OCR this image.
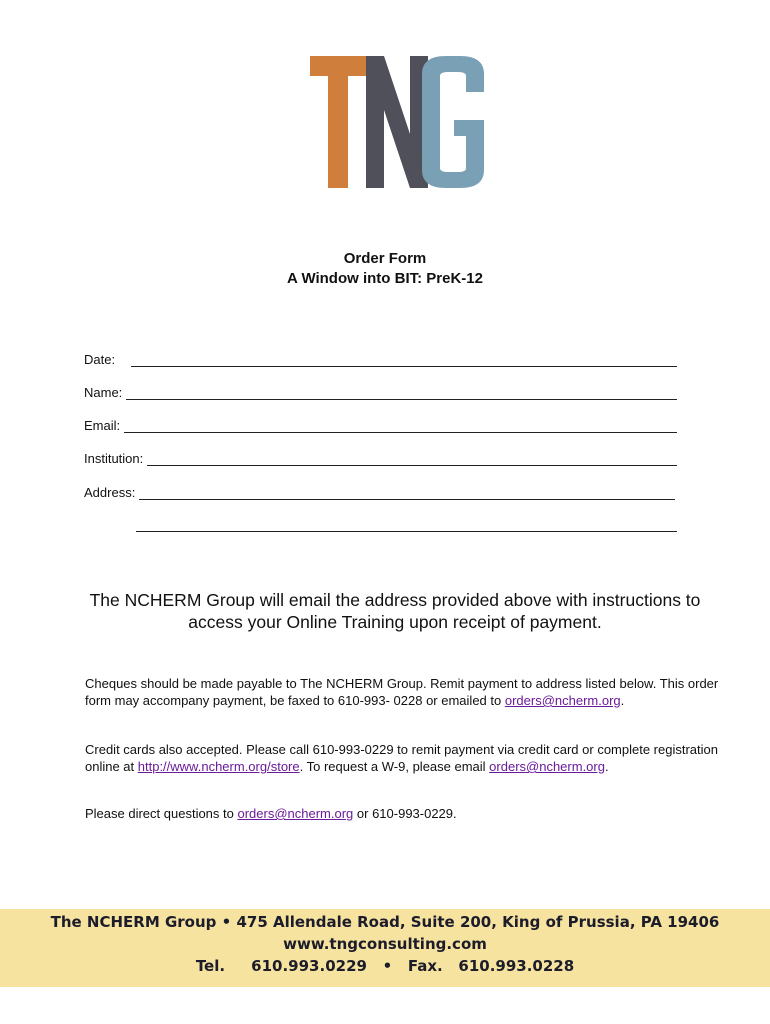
Order Form
A Window into BIT: PreK-12
Date:
Name:
Email:
Institution:
Address:
The NCHERM Group will email the address provided above with instructions to access your Online Training upon receipt of payment.
Cheques should be made payable to The NCHERM Group. Remit payment to address listed below. This order form may accompany payment, be faxed to 610-993- 0228 or emailed to orders@ncherm.org.
Credit cards also accepted. Please call 610-993-0229 to remit payment via credit card or complete registration online at http://www.ncherm.org/store. To request a W-9, please email orders@ncherm.org.
Please direct questions to orders@ncherm.org or 610-993-0229.
The NCHERM Group • 475 Allendale Road, Suite 200, King of Prussia, PA 19406
www.tngconsulting.com
Tel.     610.993.0229   •   Fax.   610.993.0228
